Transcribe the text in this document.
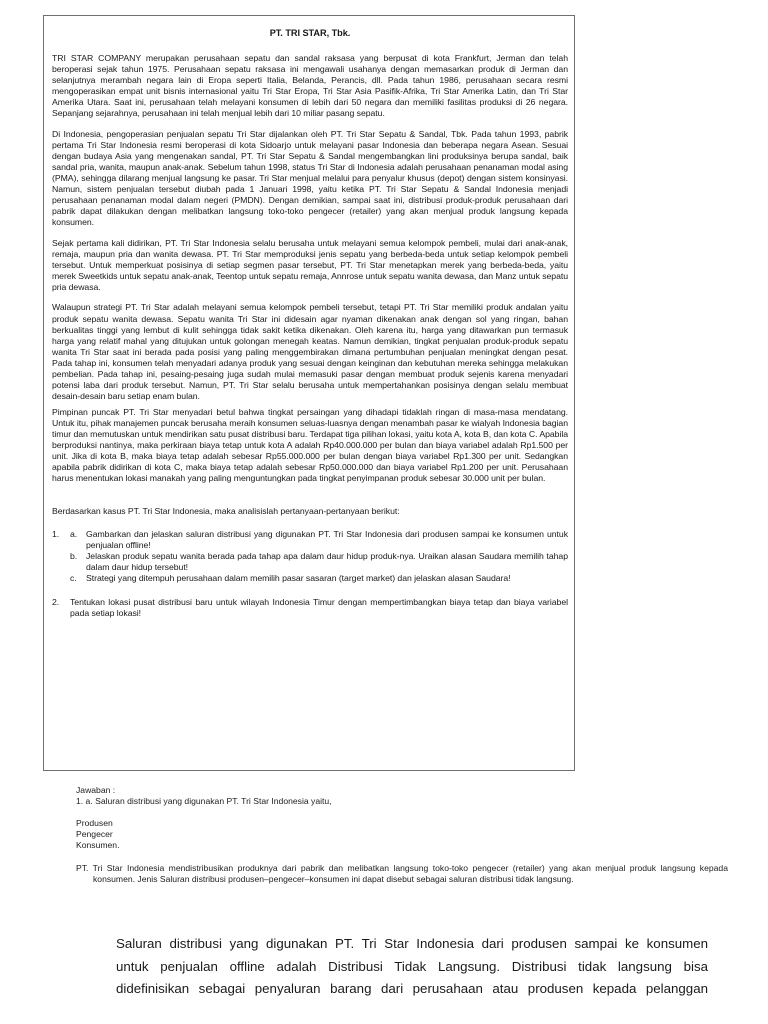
PT. TRI STAR, Tbk.

TRI STAR COMPANY merupakan perusahaan sepatu dan sandal raksasa yang berpusat di kota Frankfurt, Jerman dan telah beroperasi sejak tahun 1975. Perusahaan sepatu raksasa ini mengawali usahanya dengan memasarkan produk di Jerman dan selanjutnya merambah negara lain di Eropa seperti Italia, Belanda, Perancis, dll. Pada tahun 1986, perusahaan secara resmi mengoperasikan empat unit bisnis internasional yaitu Tri Star Eropa, Tri Star Asia Pasifik-Afrika, Tri Star Amerika Latin, dan Tri Star Amerika Utara. Saat ini, perusahaan telah melayani konsumen di lebih dari 50 negara dan memiliki fasilitas produksi di 26 negara. Sepanjang sejarahnya, perusahaan ini telah menjual lebih dari 10 miliar pasang sepatu.

Di Indonesia, pengoperasian penjualan sepatu Tri Star dijalankan oleh PT. Tri Star Sepatu & Sandal, Tbk. Pada tahun 1993, pabrik pertama Tri Star Indonesia resmi beroperasi di kota Sidoarjo untuk melayani pasar Indonesia dan beberapa negara Asean. Sesuai dengan budaya Asia yang mengenakan sandal, PT. Tri Star Sepatu & Sandal mengembangkan lini produksinya berupa sandal, baik sandal pria, wanita, maupun anak-anak. Sebelum tahun 1998, status Tri Star di Indonesia adalah perusahaan penanaman modal asing (PMA), sehingga dilarang menjual langsung ke pasar. Tri Star menjual melalui para penyalur khusus (depot) dengan sistem konsinyasi. Namun, sistem penjualan tersebut diubah pada 1 Januari 1998, yaitu ketika PT. Tri Star Sepatu & Sandal Indonesia menjadi perusahaan penanaman modal dalam negeri (PMDN). Dengan demikian, sampai saat ini, distribusi produk-produk perusahaan dari pabrik dapat dilakukan dengan melibatkan langsung toko-toko pengecer (retailer) yang akan menjual produk langsung kepada konsumen.

Sejak pertama kali didirikan, PT. Tri Star Indonesia selalu berusaha untuk melayani semua kelompok pembeli, mulai dari anak-anak, remaja, maupun pria dan wanita dewasa. PT. Tri Star memproduksi jenis sepatu yang berbeda-beda untuk setiap kelompok pembeli tersebut. Untuk memperkuat posisinya di setiap segmen pasar tersebut, PT. Tri Star menetapkan merek yang berbeda-beda, yaitu merek Sweetkids untuk sepatu anak-anak, Teentop untuk sepatu remaja, Annrose untuk sepatu wanita dewasa, dan Manz untuk sepatu pria dewasa.

Walaupun strategi PT. Tri Star adalah melayani semua kelompok pembeli tersebut, tetapi PT. Tri Star memiliki produk andalan yaitu produk sepatu wanita dewasa. Sepatu wanita Tri Star ini didesain agar nyaman dikenakan anak dengan sol yang ringan, bahan berkualitas tinggi yang lembut di kulit sehingga tidak sakit ketika dikenakan. Oleh karena itu, harga yang ditawarkan pun termasuk harga yang relatif mahal yang ditujukan untuk golongan menegah keatas. Namun demikian, tingkat penjualan produk-produk sepatu wanita Tri Star saat ini berada pada posisi yang paling menggembirakan dimana pertumbuhan penjualan meningkat dengan pesat. Pada tahap ini, konsumen telah menyadari adanya produk yang sesuai dengan keinginan dan kebutuhan mereka sehingga melakukan pembelian. Pada tahap ini, pesaing-pesaing juga sudah mulai memasuki pasar dengan membuat produk sejenis karena menyadari potensi laba dari produk tersebut. Namun, PT. Tri Star selalu berusaha untuk mempertahankan posisinya dengan selalu membuat desain-desain baru setiap enam bulan.

Pimpinan puncak PT. Tri Star menyadari betul bahwa tingkat persaingan yang dihadapi tidaklah ringan di masa-masa mendatang. Untuk itu, pihak manajemen puncak berusaha meraih konsumen seluas-luasnya dengan menambah pasar ke wialyah Indonesia bagian timur dan memutuskan untuk mendirikan satu pusat distribusi baru. Terdapat tiga pilihan lokasi, yaitu kota A, kota B, dan kota C. Apabila berproduksi nantinya, maka perkiraan biaya tetap untuk kota A adalah Rp40.000.000 per bulan dan biaya variabel adalah Rp1.500 per unit. Jika di kota B, maka biaya tetap adalah sebesar Rp55.000.000 per bulan dengan biaya variabel Rp1.300 per unit. Sedangkan apabila pabrik didirikan di kota C, maka biaya tetap adalah sebesar Rp50.000.000 dan biaya variabel Rp1.200 per unit. Perusahaan harus menentukan lokasi manakah yang paling menguntungkan pada tingkat penyimpanan produk sebesar 30.000 unit per bulan.

Berdasarkan kasus PT. Tri Star Indonesia, maka analisislah pertanyaan-pertanyaan berikut:

1.	a.	Gambarkan dan jelaskan saluran distribusi yang digunakan PT. Tri Star Indonesia dari produsen sampai ke konsumen untuk penjualan offline!
b.	Jelaskan produk sepatu wanita berada pada tahap apa dalam daur hidup produk-nya. Uraikan alasan Saudara memilih tahap dalam daur hidup tersebut!
c.	Strategi yang ditempuh perusahaan dalam memilih pasar sasaran (target market) dan jelaskan alasan Saudara!
2.	Tentukan lokasi pusat distribusi baru untuk wilayah Indonesia Timur dengan mempertimbangkan biaya tetap dan biaya variabel pada setiap lokasi!
Jawaban :
1. a. Saluran distribusi yang digunakan PT. Tri Star Indonesia yaitu,
Produsen
Pengecer
Konsumen.
PT. Tri Star Indonesia mendistribusikan produknya dari pabrik dan melibatkan langsung toko-toko pengecer (retailer) yang akan menjual produk langsung kepada konsumen. Jenis Saluran distribusi produsen–pengecer–konsumen ini dapat disebut sebagai saluran distribusi tidak langsung.
Saluran distribusi yang digunakan PT. Tri Star Indonesia dari produsen sampai ke konsumen
untuk penjualan offline adalah Distribusi Tidak Langsung. Distribusi tidak langsung bisa
didefinisikan sebagai penyaluran barang dari perusahaan atau produsen kepada pelanggan
